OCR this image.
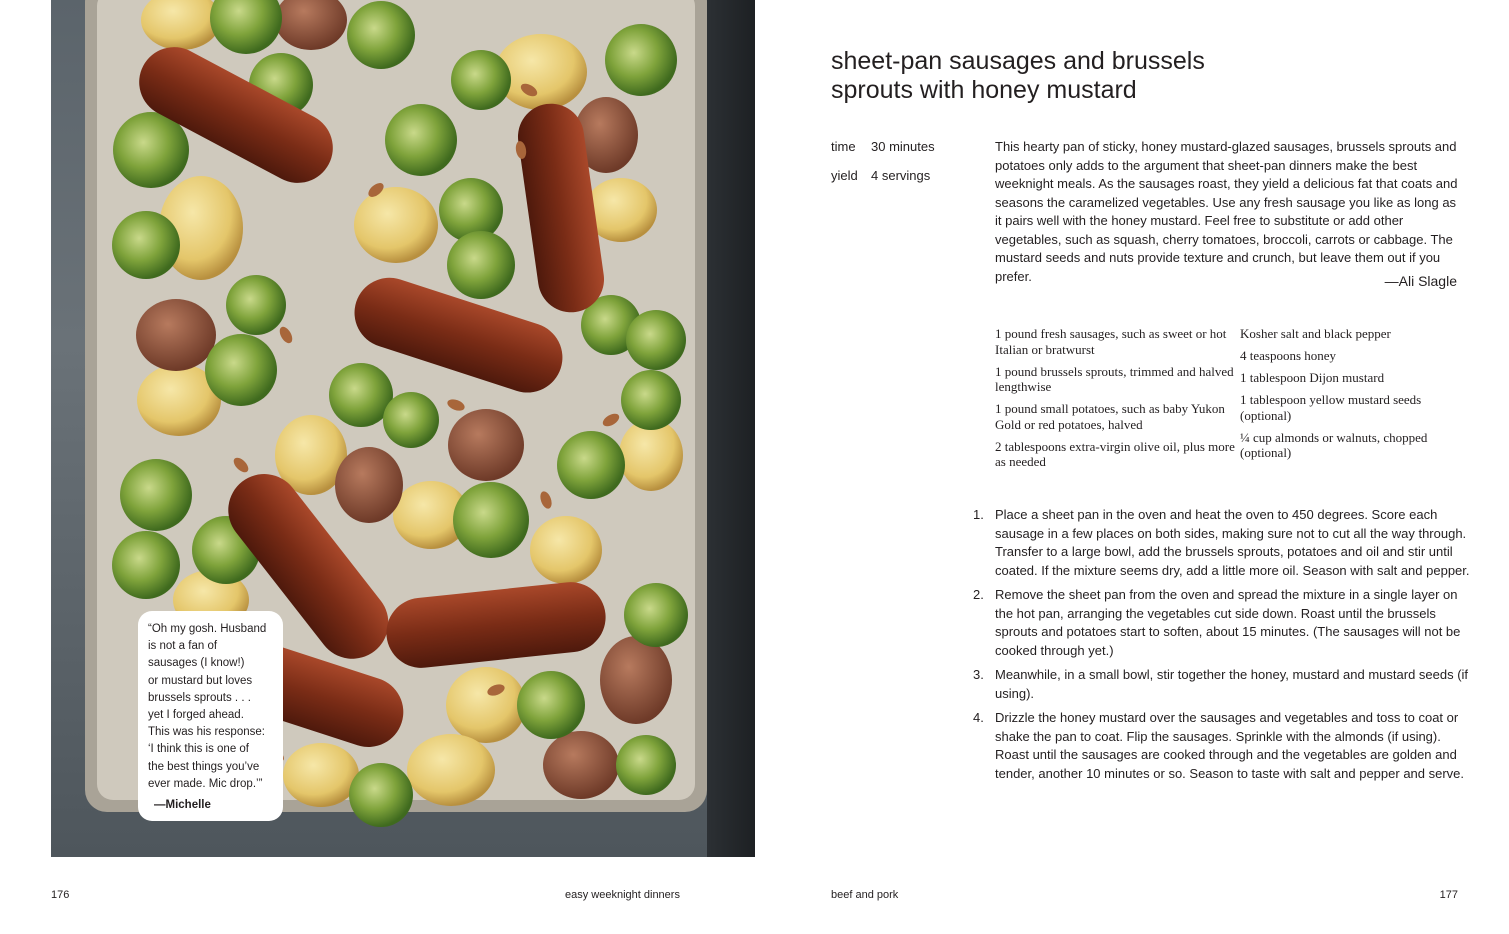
“Oh my gosh. Husband
is not a fan of
sausages (I know!)
or mustard but loves
brussels sprouts . . .
yet I forged ahead.
This was his response:
‘I think this is one of
the best things you’ve
ever made. Mic drop.’”
—Michelle
176	easy weeknight dinners
sheet-pan sausages and brussels
sprouts with honey mustard
time	30 minutes
yield	4 servings

This hearty pan of sticky, honey mustard-glazed sausages, brussels sprouts and potatoes only adds to the argument that sheet-pan dinners make the best weeknight meals. As the sausages roast, they yield a delicious fat that coats and seasons the caramelized vegetables. Use any fresh sausage you like as long as it pairs well with the honey mustard. Feel free to substitute or add other vegetables, such as squash, cherry tomatoes, broccoli, carrots or cabbage. The mustard seeds and nuts provide texture and crunch, but leave them out if you prefer.	—Ali Slagle
1 pound fresh sausages, such as sweet or hot Italian or bratwurst
1 pound brussels sprouts, trimmed and halved lengthwise
1 pound small potatoes, such as baby Yukon Gold or red potatoes, halved
2 tablespoons extra-virgin olive oil, plus more as needed
Kosher salt and black pepper
4 teaspoons honey
1 tablespoon Dijon mustard
1 tablespoon yellow mustard seeds (optional)
¼ cup almonds or walnuts, chopped (optional)
1. Place a sheet pan in the oven and heat the oven to 450 degrees. Score each sausage in a few places on both sides, making sure not to cut all the way through. Transfer to a large bowl, add the brussels sprouts, potatoes and oil and stir until coated. If the mixture seems dry, add a little more oil. Season with salt and pepper.
2. Remove the sheet pan from the oven and spread the mixture in a single layer on the hot pan, arranging the vegetables cut side down. Roast until the brussels sprouts and potatoes start to soften, about 15 minutes. (The sausages will not be cooked through yet.)
3. Meanwhile, in a small bowl, stir together the honey, mustard and mustard seeds (if using).
4. Drizzle the honey mustard over the sausages and vegetables and toss to coat or shake the pan to coat. Flip the sausages. Sprinkle with the almonds (if using). Roast until the sausages are cooked through and the vegetables are golden and tender, another 10 minutes or so. Season to taste with salt and pepper and serve.
beef and pork	177
